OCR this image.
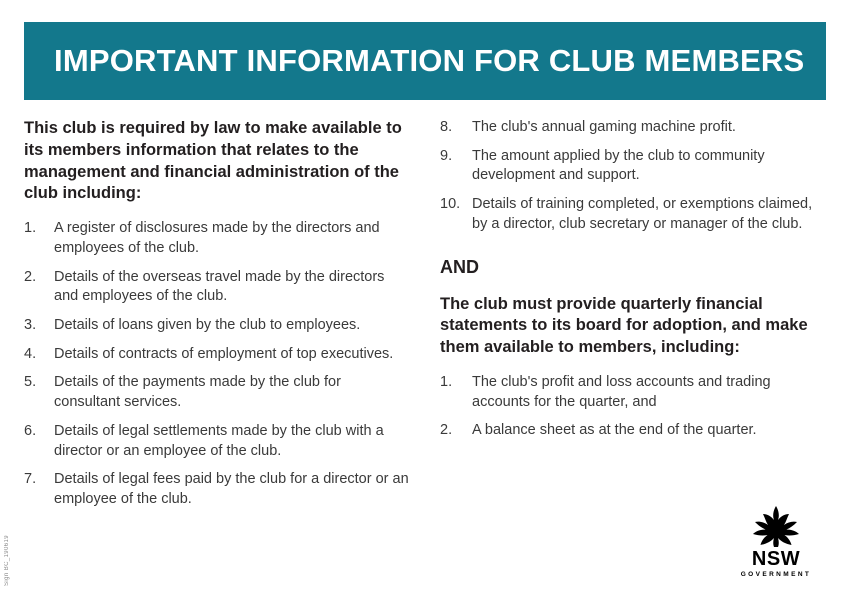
IMPORTANT INFORMATION FOR CLUB MEMBERS

This club is required by law to make available to its members information that relates to the management and financial administration of the club including:

1.	A register of disclosures made by the directors and employees of the club.
2.	Details of the overseas travel made by the directors and employees of the club.
3.	Details of loans given by the club to employees.
4.	Details of contracts of employment of top executives.
5.	Details of the payments made by the club for consultant services.
6.	Details of legal settlements made by the club with a director or an employee of the club.
7.	Details of legal fees paid by the club for a director or an employee of the club.
8.	The club's annual gaming machine profit.
9.	The amount applied by the club to community development and support.
10. Details of training completed, or exemptions claimed, by a director, club secretary or manager of the club.
AND

The club must provide quarterly financial statements to its board for adoption, and make them available to members, including:

1.	The club's profit and loss accounts and trading accounts for the quarter, and
2.	A balance sheet as at the end of the quarter.
Sign BC_190619	NSW
GOVERNMENT
